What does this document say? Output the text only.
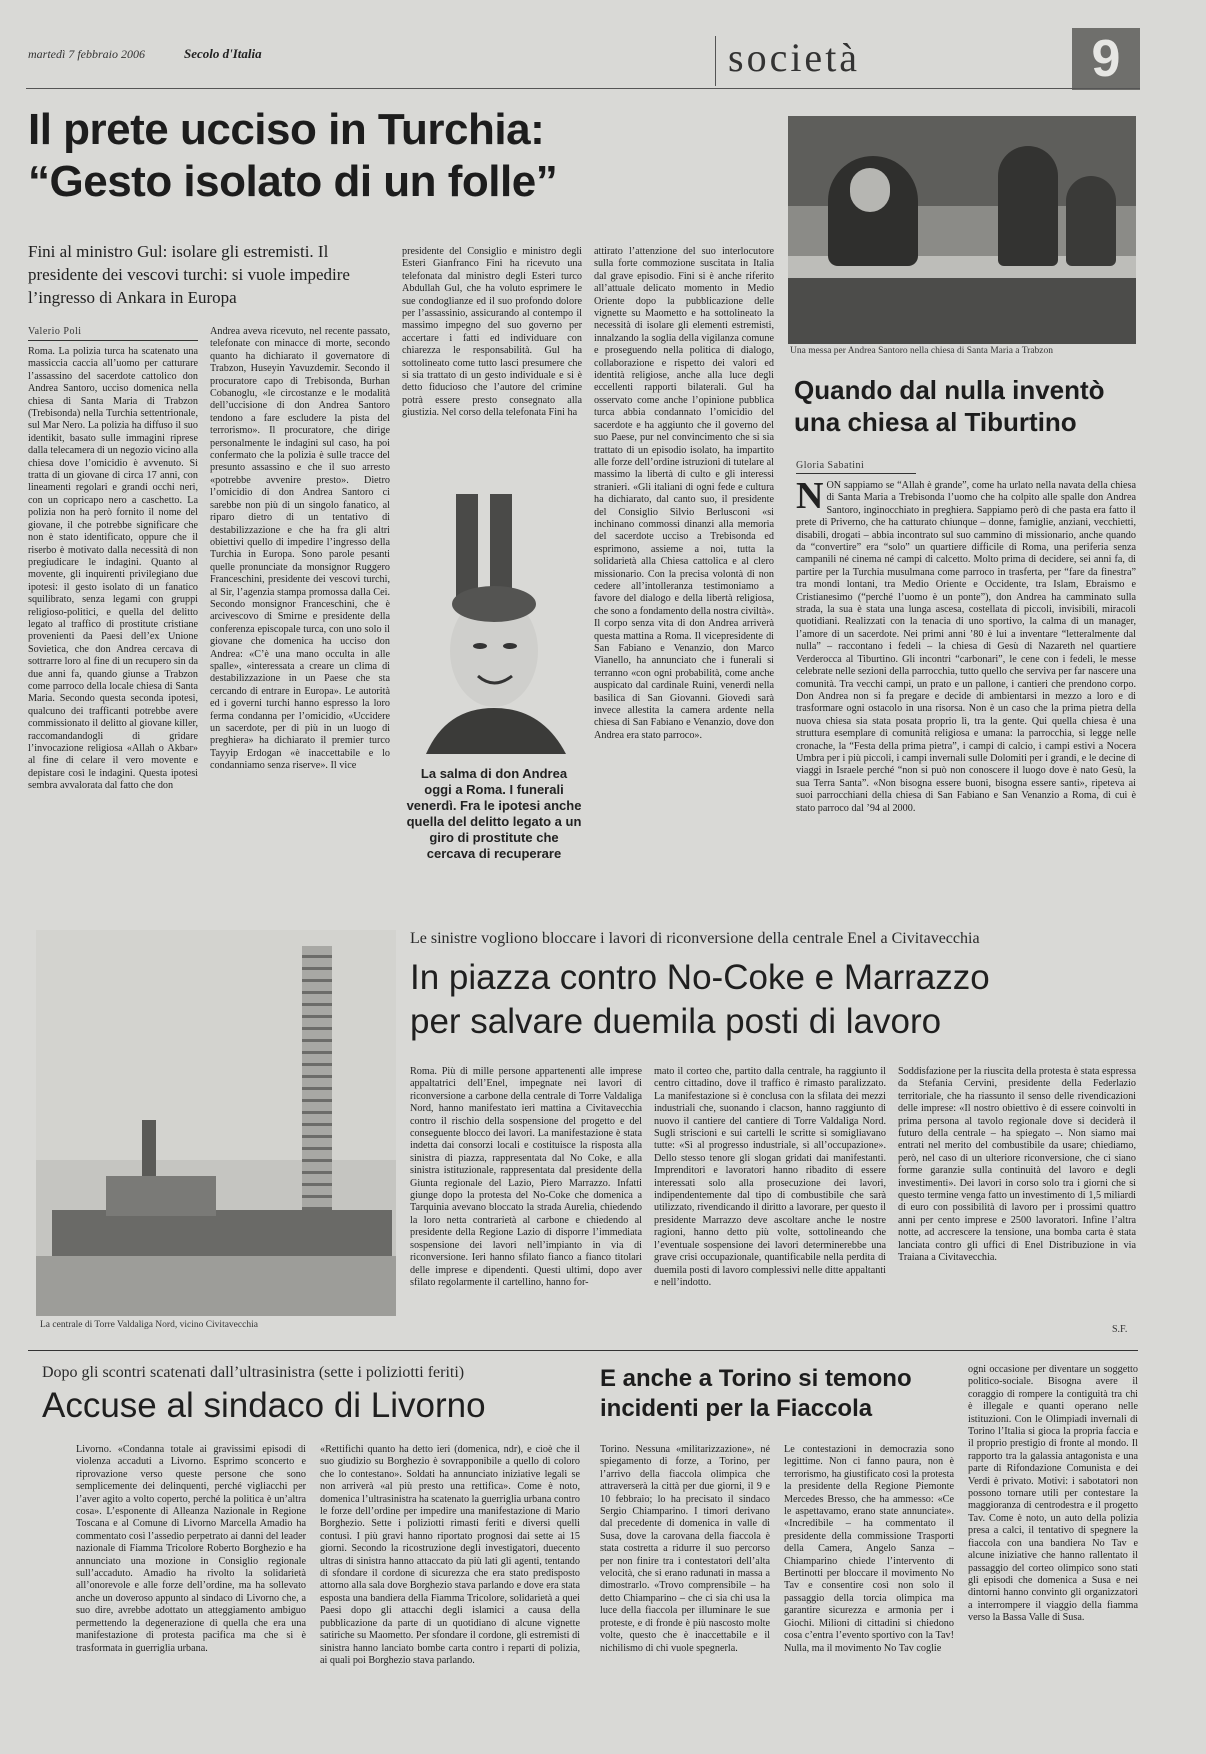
martedì 7 febbraio 2006	Secolo d'Italia	società	9
Il prete ucciso in Turchia:
“Gesto isolato di un folle”
Fini al ministro Gul: isolare gli estremisti. Il presidente dei vescovi turchi: si vuole impedire l’ingresso di Ankara in Europa
Valerio Poli

Roma. La polizia turca ha scatenato una massiccia caccia all’uomo per catturare l’assassino del sacerdote cattolico don Andrea Santoro, ucciso domenica nella chiesa di Santa Maria di Trabzon (Trebisonda) nella Turchia settentrionale, sul Mar Nero. La polizia ha diffuso il suo identikit, basato sulle immagini riprese dalla telecamera di un negozio vicino alla chiesa dove l’omicidio è avvenuto. Si tratta di un giovane di circa 17 anni, con lineamenti regolari e grandi occhi neri, con un copricapo nero a caschetto. La polizia non ha però fornito il nome del giovane, il che potrebbe significare che non è stato identificato, oppure che il riserbo è motivato dalla necessità di non pregiudicare le indagini. Quanto al movente, gli inquirenti privilegiano due ipotesi: il gesto isolato di un fanatico squilibrato, senza legami con gruppi religioso-politici, e quella del delitto legato al traffico di prostitute cristiane provenienti da Paesi dell’ex Unione Sovietica, che don Andrea cercava di sottrarre loro al fine di un recupero sin da due anni fa, quando giunse a Trabzon come parroco della locale chiesa di Santa Maria. Secondo questa seconda ipotesi, qualcuno dei trafficanti potrebbe avere commissionato il delitto al giovane killer, raccomandandogli di gridare l’invocazione religiosa «Allah o Akbar» al fine di celare il vero movente e depistare così le indagini. Questa ipotesi sembra avvalorata dal fatto che don

Andrea aveva ricevuto, nel recente passato, telefonate con minacce di morte, secondo quanto ha dichiarato il governatore di Trabzon, Huseyin Yavuzdemir. Secondo il procuratore capo di Trebisonda, Burhan Cobanoglu, «le circostanze e le modalità dell’uccisione di don Andrea Santoro tendono a fare escludere la pista del terrorismo». Il procuratore, che dirige personalmente le indagini sul caso, ha poi confermato che la polizia è sulle tracce del presunto assassino e che il suo arresto «potrebbe avvenire presto». Dietro l’omicidio di don Andrea Santoro ci sarebbe non più di un singolo fanatico, al riparo dietro di un tentativo di destabilizzazione e che ha fra gli altri obiettivi quello di impedire l’ingresso della Turchia in Europa. Sono parole pesanti quelle pronunciate da monsignor Ruggero Franceschini, presidente dei vescovi turchi, al Sir, l’agenzia stampa promossa dalla Cei. Secondo monsignor Franceschini, che è arcivescovo di Smirne e presidente della conferenza episcopale turca, con uno solo il giovane che domenica ha ucciso don Andrea: «C’è una mano occulta in alle spalle», «interessata a creare un clima di destabilizzazione in un Paese che sta cercando di entrare in Europa». Le autorità ed i governi turchi hanno espresso la loro ferma condanna per l’omicidio, «Uccidere un sacerdote, per di più in un luogo di preghiera» ha dichiarato il premier turco Tayyip Erdogan «è inaccettabile e lo condanniamo senza riserve». Il vice

presidente del Consiglio e ministro degli Esteri Gianfranco Fini ha ricevuto una telefonata dal ministro degli Esteri turco Abdullah Gul, che ha voluto esprimere le sue condoglianze ed il suo profondo dolore per l’assassinio, assicurando al contempo il massimo impegno del suo governo per accertare i fatti ed individuare con chiarezza le responsabilità. Gul ha sottolineato come tutto lasci presumere che si sia trattato di un gesto individuale e si è detto fiducioso che l’autore del crimine potrà essere presto consegnato alla giustizia. Nel corso della telefonata Fini ha

attirato l’attenzione del suo interlocutore sulla forte commozione suscitata in Italia dal grave episodio. Fini si è anche riferito all’attuale delicato momento in Medio Oriente dopo la pubblicazione delle vignette su Maometto e ha sottolineato la necessità di isolare gli elementi estremisti, innalzando la soglia della vigilanza comune e proseguendo nella politica di dialogo, collaborazione e rispetto dei valori ed identità religiose, anche alla luce degli eccellenti rapporti bilaterali. Gul ha osservato come anche l’opinione pubblica turca abbia condannato l’omicidio del sacerdote e ha aggiunto che il governo del suo Paese, pur nel convincimento che si sia trattato di un episodio isolato, ha impartito alle forze dell’ordine istruzioni di tutelare al massimo la libertà di culto e gli interessi stranieri. «Gli italiani di ogni fede e cultura ha dichiarato, dal canto suo, il presidente del Consiglio Silvio Berlusconi «si inchinano commossi dinanzi alla memoria del sacerdote ucciso a Trebisonda ed esprimono, assieme a noi, tutta la solidarietà alla Chiesa cattolica e al clero missionario. Con la precisa volontà di non cedere all’intolleranza testimoniamo a favore del dialogo e della libertà religiosa, che sono a fondamento della nostra civiltà». Il corpo senza vita di don Andrea arriverà questa mattina a Roma. Il vicepresidente di San Fabiano e Venanzio, don Marco Vianello, ha annunciato che i funerali si terranno «con ogni probabilità, come anche auspicato dal cardinale Ruini, venerdì nella basilica di San Giovanni. Giovedì sarà invece allestita la camera ardente nella chiesa di San Fabiano e Venanzio, dove don Andrea era stato parroco».

La salma di don Andrea oggi a Roma. I funerali venerdì. Fra le ipotesi anche quella del delitto legato a un giro di prostitute che cercava di recuperare
Una messa per Andrea Santoro nella chiesa di Santa Maria a Trabzon
Quando dal nulla inventò una chiesa al Tiburtino
Gloria Sabatini

NON sappiamo se “Allah è grande”, come ha urlato nella navata della chiesa di Santa Maria a Trebisonda l’uomo che ha colpito alle spalle don Andrea Santoro, inginocchiato in preghiera. Sappiamo però di che pasta era fatto il prete di Priverno, che ha catturato chiunque – donne, famiglie, anziani, vecchietti, disabili, drogati – abbia incontrato sul suo cammino di missionario, anche quando da “convertire” era “solo” un quartiere difficile di Roma, una periferia senza campanili né cinema né campi di calcetto. Molto prima di decidere, sei anni fa, di partire per la Turchia musulmana come parroco in trasferta, per “fare da finestra” tra mondi lontani, tra Medio Oriente e Occidente, tra Islam, Ebraismo e Cristianesimo (“perché l’uomo è un ponte”), don Andrea ha camminato sulla strada, la sua è stata una lunga ascesa, costellata di piccoli, invisibili, miracoli quotidiani. Realizzati con la tenacia di uno sportivo, la calma di un manager, l’amore di un sacerdote. Nei primi anni ’80 è lui a inventare “letteralmente dal nulla” – raccontano i fedeli – la chiesa di Gesù di Nazareth nel quartiere Verderocca al Tiburtino. Gli incontri “carbonari”, le cene con i fedeli, le messe celebrate nelle sezioni della parrocchia, tutto quello che serviva per far nascere una comunità. Tra vecchi campi, un prato e un pallone, i cantieri che prendono corpo. Don Andrea non si fa pregare e decide di ambientarsi in mezzo a loro e di trasformare ogni ostacolo in una risorsa. Non è un caso che la prima pietra della nuova chiesa sia stata posata proprio lì, tra la gente. Qui quella chiesa è una struttura esemplare di comunità religiosa e umana: la parrocchia, si legge nelle cronache, la “Festa della prima pietra”, i campi di calcio, i campi estivi a Nocera Umbra per i più piccoli, i campi invernali sulle Dolomiti per i grandi, e le decine di viaggi in Israele perché “non si può non conoscere il luogo dove è nato Gesù, la sua Terra Santa”. «Non bisogna essere buoni, bisogna essere santi», ripeteva ai suoi parrocchiani della chiesa di San Fabiano e San Venanzio a Roma, di cui è stato parroco dal ’94 al 2000.

Le sinistre vogliono bloccare i lavori di riconversione della centrale Enel a Civitavecchia
In piazza contro No-Coke e Marrazzo
per salvare duemila posti di lavoro
La centrale di Torre Valdaliga Nord, vicino Civitavecchia

Roma. Più di mille persone appartenenti alle imprese appaltatrici dell’Enel, impegnate nei lavori di riconversione a carbone della centrale di Torre Valdaliga Nord, hanno manifestato ieri mattina a Civitavecchia contro il rischio della sospensione del progetto e del conseguente blocco dei lavori. La manifestazione è stata indetta dai consorzi locali e costituisce la risposta alla sinistra di piazza, rappresentata dal No Coke, e alla sinistra istituzionale, rappresentata dal presidente della Giunta regionale del Lazio, Piero Marrazzo. Infatti giunge dopo la protesta del No-Coke che domenica a Tarquinia avevano bloccato la strada Aurelia, chiedendo la loro netta contrarietà al carbone e chiedendo al presidente della Regione Lazio di disporre l’immediata sospensione dei lavori nell’impianto in via di riconversione. Ieri hanno sfilato fianco a fianco titolari delle imprese e dipendenti. Questi ultimi, dopo aver sfilato regolarmente il cartellino, hanno for-

mato il corteo che, partito dalla centrale, ha raggiunto il centro cittadino, dove il traffico è rimasto paralizzato. La manifestazione si è conclusa con la sfilata dei mezzi industriali che, suonando i clacson, hanno raggiunto di nuovo il cantiere del cantiere di Torre Valdaliga Nord. Sugli striscioni e sui cartelli le scritte si somigliavano tutte: «Sì al progresso industriale, sì all’occupazione». Dello stesso tenore gli slogan gridati dai manifestanti. Imprenditori e lavoratori hanno ribadito di essere interessati solo alla prosecuzione dei lavori, indipendentemente dal tipo di combustibile che sarà utilizzato, rivendicando il diritto a lavorare, per questo il presidente Marrazzo deve ascoltare anche le nostre ragioni, hanno detto più volte, sottolineando che l’eventuale sospensione dei lavori determinerebbe una grave crisi occupazionale, quantificabile nella perdita di duemila posti di lavoro complessivi nelle ditte appaltanti e nell’indotto.

Soddisfazione per la riuscita della protesta è stata espressa da Stefania Cervini, presidente della Federlazio territoriale, che ha riassunto il senso delle rivendicazioni delle imprese: «Il nostro obiettivo è di essere coinvolti in prima persona al tavolo regionale dove si deciderà il futuro della centrale – ha spiegato –. Non siamo mai entrati nel merito del combustibile da usare; chiediamo, però, nel caso di un ulteriore riconversione, che ci siano forme garanzie sulla continuità del lavoro e degli investimenti». Dei lavori in corso solo tra i giorni che si questo termine venga fatto un investimento di 1,5 miliardi di euro con possibilità di lavoro per i prossimi quattro anni per cento imprese e 2500 lavoratori. Infine l’altra notte, ad accrescere la tensione, una bomba carta è stata lanciata contro gli uffici di Enel Distribuzione in via Traiana a Civitavecchia.

S.F.
Dopo gli scontri scatenati dall’ultrasinistra (sette i poliziotti feriti)
Accuse al sindaco di Livorno

Livorno. «Condanna totale ai gravissimi episodi di violenza accaduti a Livorno. Esprimo sconcerto e riprovazione verso queste persone che sono semplicemente dei delinquenti, perché vigliacchi per l’aver agito a volto coperto, perché la politica è un’altra cosa». L’esponente di Alleanza Nazionale in Regione Toscana e al Comune di Livorno Marcella Amadio ha commentato così l’assedio perpetrato ai danni del leader nazionale di Fiamma Tricolore Roberto Borghezio e ha annunciato una mozione in Consiglio regionale sull’accaduto. Amadio ha rivolto la solidarietà all’onorevole e alle forze dell’ordine, ma ha sollevato anche un doveroso appunto al sindaco di Livorno che, a suo dire, avrebbe adottato un atteggiamento ambiguo permettendo la degenerazione di quella che era una manifestazione di protesta pacifica ma che si è trasformata in guerriglia urbana.

«Rettifichi quanto ha detto ieri (domenica, ndr), e cioè che il suo giudizio su Borghezio è sovrapponibile a quello di coloro che lo contestano». Soldati ha annunciato iniziative legali se non arriverà «al più presto una rettifica». Come è noto, domenica l’ultrasinistra ha scatenato la guerriglia urbana contro le forze dell’ordine per impedire una manifestazione di Mario Borghezio. Sette i poliziotti rimasti feriti e diversi quelli contusi. I più gravi hanno riportato prognosi dai sette ai 15 giorni. Secondo la ricostruzione degli investigatori, duecento ultras di sinistra hanno attaccato da più lati gli agenti, tentando di sfondare il cordone di sicurezza che era stato predisposto attorno alla sala dove Borghezio stava parlando e dove era stata esposta una bandiera della Fiamma Tricolore, solidarietà a quei Paesi dopo gli attacchi degli islamici a causa della pubblicazione da parte di un quotidiano di alcune vignette satiriche su Maometto. Per sfondare il cordone, gli estremisti di sinistra hanno lanciato bombe carta contro i reparti di polizia, ai quali poi Borghezio stava parlando.

E anche a Torino si temono incidenti per la Fiaccola

Torino. Nessuna «militarizzazione», né spiegamento di forze, a Torino, per l’arrivo della fiaccola olimpica che attraverserà la città per due giorni, il 9 e 10 febbraio; lo ha precisato il sindaco Sergio Chiamparino. I timori derivano dal precedente di domenica in valle di Susa, dove la carovana della fiaccola è stata costretta a ridurre il suo percorso per non finire tra i contestatori dell’alta velocità, che si erano radunati in massa a dimostrarlo. «Trovo comprensibile – ha detto Chiamparino – che ci sia chi usa la luce della fiaccola per illuminare le sue proteste, e di fronde è più nascosto molte volte, questo che è inaccettabile e il nichilismo di chi vuole spegnerla.

Le contestazioni in democrazia sono legittime. Non ci fanno paura, non è terrorismo, ha giustificato così la protesta la presidente della Regione Piemonte Mercedes Bresso, che ha ammesso: «Ce le aspettavamo, erano state annunciate». «Incredibile – ha commentato il presidente della commissione Trasporti della Camera, Angelo Sanza – Chiamparino chiede l’intervento di Bertinotti per bloccare il movimento No Tav e consentire così non solo il passaggio della torcia olimpica ma garantire sicurezza e armonia per i Giochi. Milioni di cittadini si chiedono cosa c’entra l’evento sportivo con la Tav! Nulla, ma il movimento No Tav coglie

ogni occasione per diventare un soggetto politico-sociale. Bisogna avere il coraggio di rompere la contiguità tra chi è illegale e quanti operano nelle istituzioni. Con le Olimpiadi invernali di Torino l’Italia si gioca la propria faccia e il proprio prestigio di fronte al mondo. Il rapporto tra la galassia antagonista e una parte di Rifondazione Comunista e dei Verdi è privato. Motivi: i sabotatori non possono tornare utili per contestare la maggioranza di centrodestra e il progetto Tav. Come è noto, un auto della polizia presa a calci, il tentativo di spegnere la fiaccola con una bandiera No Tav e alcune iniziative che hanno rallentato il passaggio del corteo olimpico sono stati gli episodi che domenica a Susa e nei dintorni hanno convinto gli organizzatori a interrompere il viaggio della fiamma verso la Bassa Valle di Susa.
